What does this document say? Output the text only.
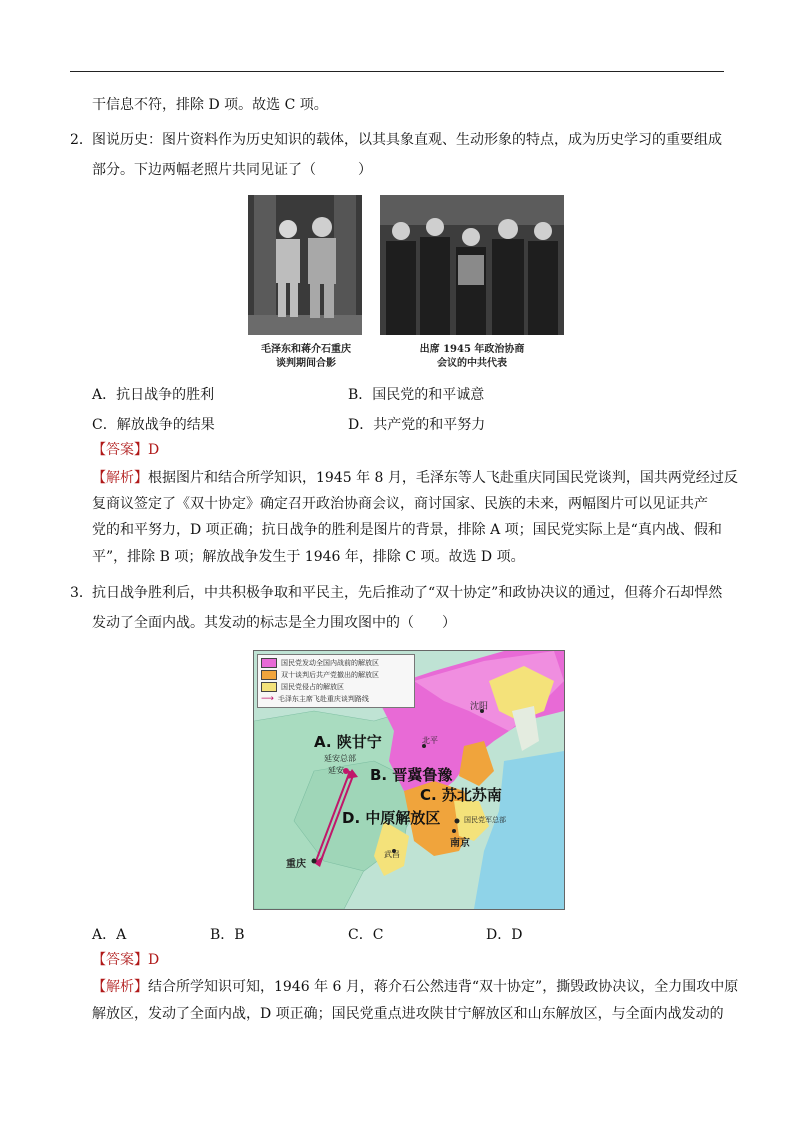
干信息不符，排除 D 项。故选 C 项。
2． 图说历史：图片资料作为历史知识的载体，以其具象直观、生动形象的特点，成为历史学习的重要组成
部分。下边两幅老照片共同见证了（　　　）
毛泽东和蒋介石重庆
谈判期间合影
出席 1945 年政治协商
会议的中共代表
A．抗日战争的胜利	B．国民党的和平诚意
C．解放战争的结果	D．共产党的和平努力
【答案】D
【解析】根据图片和结合所学知识，1945 年 8 月，毛泽东等人飞赴重庆同国民党谈判，国共两党经过反
复商议签定了《双十协定》确定召开政治协商会议，商讨国家、民族的未来，两幅图片可以见证共产
党的和平努力，D 项正确；抗日战争的胜利是图片的背景，排除 A 项；国民党实际上是“真内战、假和
平”，排除 B 项；解放战争发生于 1946 年，排除 C 项。故选 D 项。
3． 抗日战争胜利后，中共积极争取和平民主，先后推动了“双十协定”和政协决议的通过，但蒋介石却悍然
发动了全面内战。其发动的标志是全力围攻图中的（　　）
国民党发动全国内战前的解放区
双十谈判后共产党撤出的解放区
国民党侵占的解放区
⟶ 毛泽东主席飞赴重庆谈判路线
A. 陕甘宁
B. 晋冀鲁豫
C. 苏北苏南
D. 中原解放区
沈阳
北平
延安总部
延安
重庆
武昌
南京
国民党军总部
A．A	B．B	C．C	D．D
【答案】D
【解析】结合所学知识可知，1946 年 6 月，蒋介石公然违背“双十协定”，撕毁政协决议，全力围攻中原
解放区，发动了全面内战，D 项正确；国民党重点进攻陕甘宁解放区和山东解放区，与全面内战发动的
